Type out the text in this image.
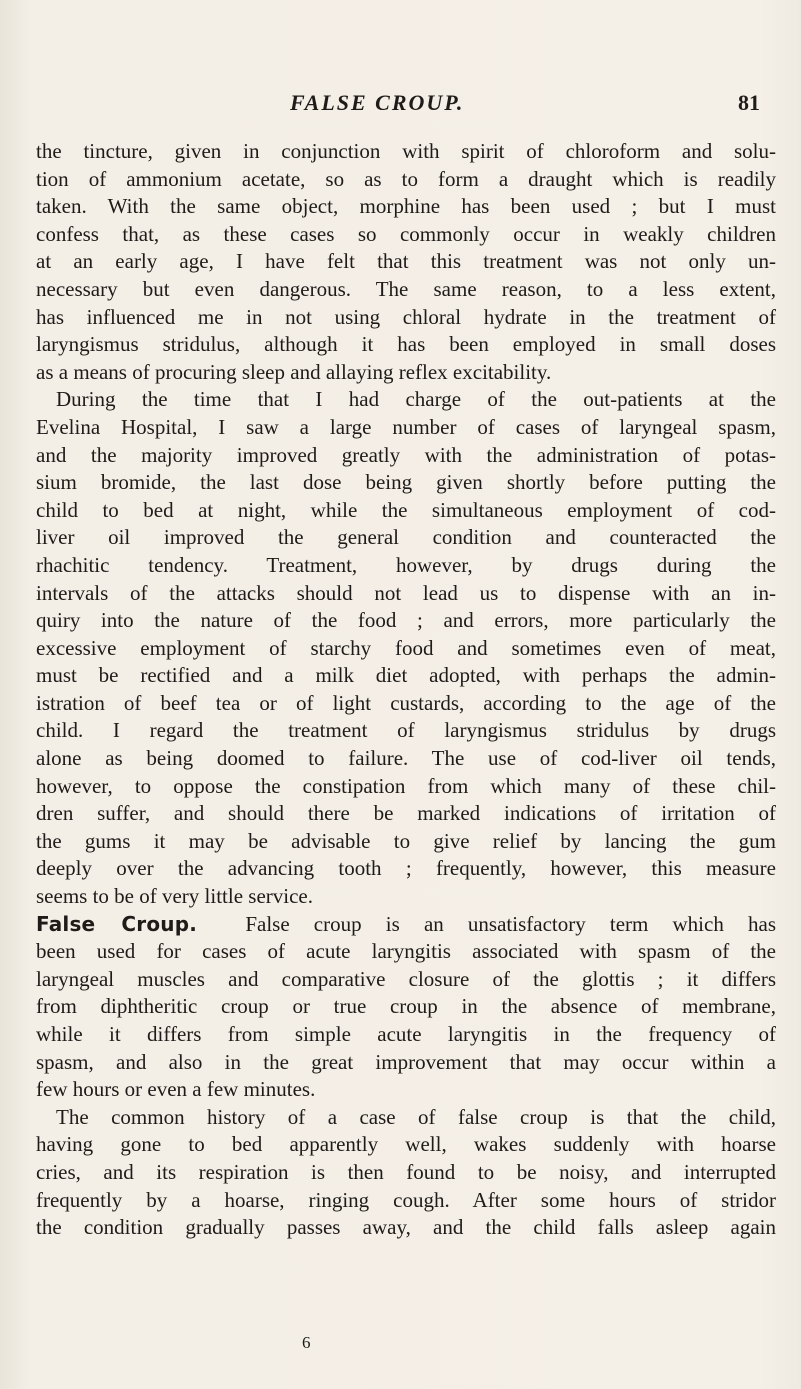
FALSE CROUP.	81
the tincture, given in conjunction with spirit of chloroform and solu-
tion of ammonium acetate, so as to form a draught which is readily
taken. With the same object, morphine has been used ; but I must
confess that, as these cases so commonly occur in weakly children
at an early age, I have felt that this treatment was not only un-
necessary but even dangerous. The same reason, to a less extent,
has influenced me in not using chloral hydrate in the treatment of
laryngismus stridulus, although it has been employed in small doses
as a means of procuring sleep and allaying reflex excitability.
During the time that I had charge of the out-patients at the
Evelina Hospital, I saw a large number of cases of laryngeal spasm,
and the majority improved greatly with the administration of potas-
sium bromide, the last dose being given shortly before putting the
child to bed at night, while the simultaneous employment of cod-
liver oil improved the general condition and counteracted the
rhachitic tendency. Treatment, however, by drugs during the
intervals of the attacks should not lead us to dispense with an in-
quiry into the nature of the food ; and errors, more particularly the
excessive employment of starchy food and sometimes even of meat,
must be rectified and a milk diet adopted, with perhaps the admin-
istration of beef tea or of light custards, according to the age of the
child. I regard the treatment of laryngismus stridulus by drugs
alone as being doomed to failure. The use of cod-liver oil tends,
however, to oppose the constipation from which many of these chil-
dren suffer, and should there be marked indications of irritation of
the gums it may be advisable to give relief by lancing the gum
deeply over the advancing tooth ; frequently, however, this measure
seems to be of very little service.
False Croup. False croup is an unsatisfactory term which has
been used for cases of acute laryngitis associated with spasm of the
laryngeal muscles and comparative closure of the glottis ; it differs
from diphtheritic croup or true croup in the absence of membrane,
while it differs from simple acute laryngitis in the frequency of
spasm, and also in the great improvement that may occur within a
few hours or even a few minutes.
The common history of a case of false croup is that the child,
having gone to bed apparently well, wakes suddenly with hoarse
cries, and its respiration is then found to be noisy, and interrupted
frequently by a hoarse, ringing cough. After some hours of stridor
the condition gradually passes away, and the child falls asleep again
6
